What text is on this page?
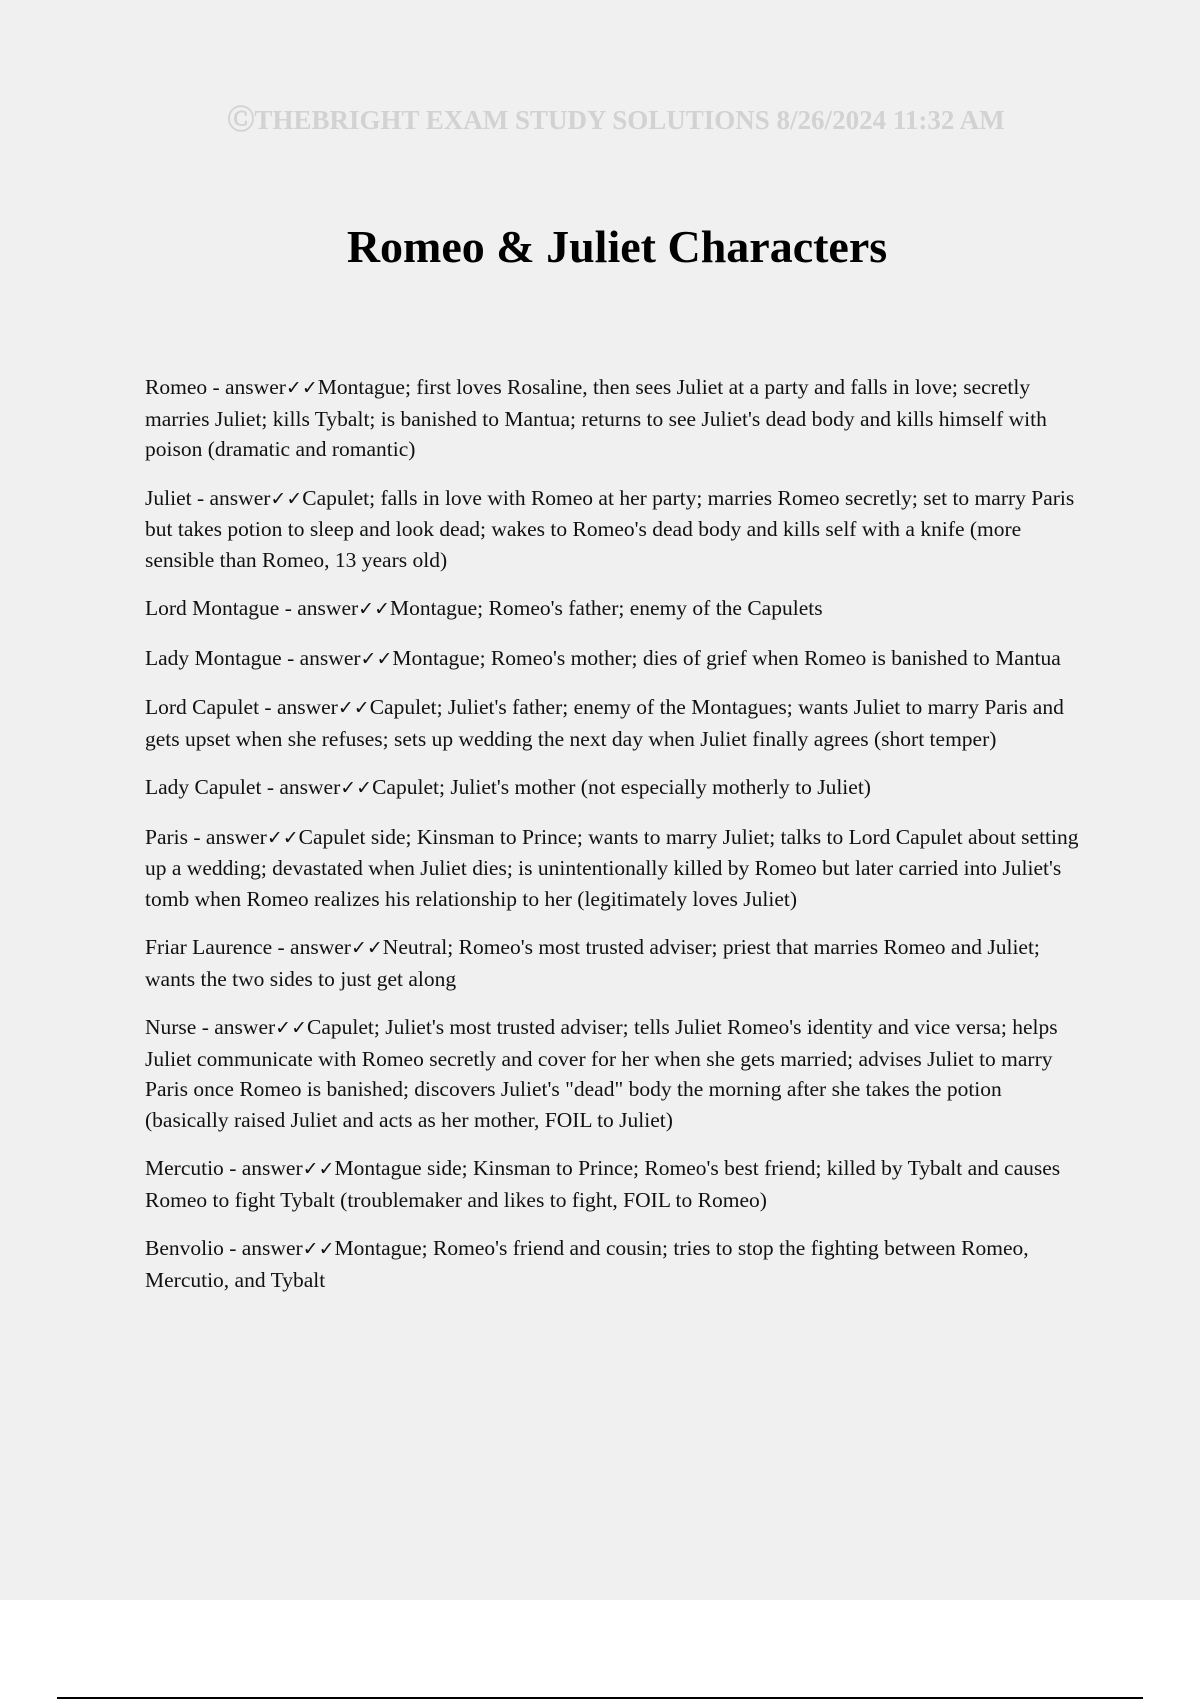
ⒸTHEBRIGHT EXAM STUDY SOLUTIONS 8/26/2024 11:32 AM
Romeo & Juliet Characters

Romeo - answer✓✓Montague; first loves Rosaline, then sees Juliet at a party and falls in love; secretly marries Juliet; kills Tybalt; is banished to Mantua; returns to see Juliet's dead body and kills himself with poison (dramatic and romantic)

Juliet - answer✓✓Capulet; falls in love with Romeo at her party; marries Romeo secretly; set to marry Paris but takes potion to sleep and look dead; wakes to Romeo's dead body and kills self with a knife (more sensible than Romeo, 13 years old)

Lord Montague - answer✓✓Montague; Romeo's father; enemy of the Capulets

Lady Montague - answer✓✓Montague; Romeo's mother; dies of grief when Romeo is banished to Mantua

Lord Capulet - answer✓✓Capulet; Juliet's father; enemy of the Montagues; wants Juliet to marry Paris and gets upset when she refuses; sets up wedding the next day when Juliet finally agrees (short temper)

Lady Capulet - answer✓✓Capulet; Juliet's mother (not especially motherly to Juliet)

Paris - answer✓✓Capulet side; Kinsman to Prince; wants to marry Juliet; talks to Lord Capulet about setting up a wedding; devastated when Juliet dies; is unintentionally killed by Romeo but later carried into Juliet's tomb when Romeo realizes his relationship to her (legitimately loves Juliet)

Friar Laurence - answer✓✓Neutral; Romeo's most trusted adviser; priest that marries Romeo and Juliet; wants the two sides to just get along

Nurse - answer✓✓Capulet; Juliet's most trusted adviser; tells Juliet Romeo's identity and vice versa; helps Juliet communicate with Romeo secretly and cover for her when she gets married; advises Juliet to marry Paris once Romeo is banished; discovers Juliet's "dead" body the morning after she takes the potion (basically raised Juliet and acts as her mother, FOIL to Juliet)

Mercutio - answer✓✓Montague side; Kinsman to Prince; Romeo's best friend; killed by Tybalt and causes Romeo to fight Tybalt (troublemaker and likes to fight, FOIL to Romeo)

Benvolio - answer✓✓Montague; Romeo's friend and cousin; tries to stop the fighting between Romeo, Mercutio, and Tybalt
